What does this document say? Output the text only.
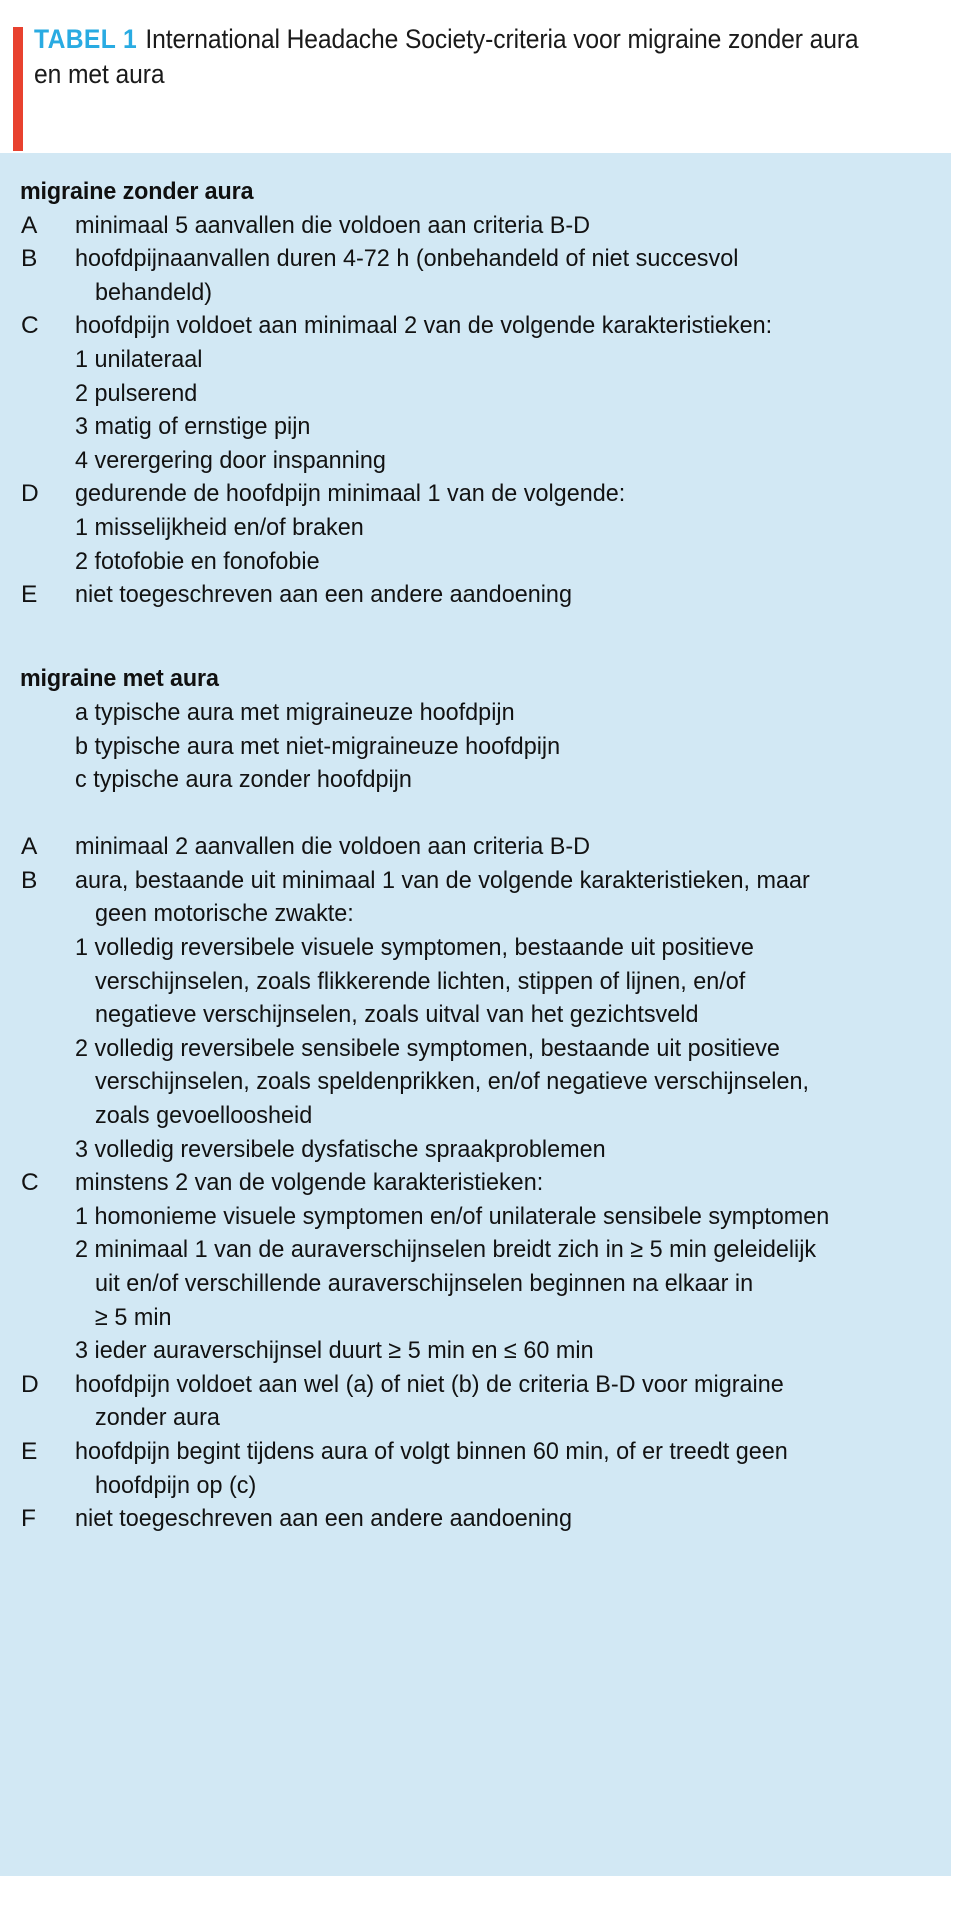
TABEL 1 International Headache Society-criteria voor migraine zonder aura en met aura
migraine zonder aura
A	minimaal 5 aanvallen die voldoen aan criteria B-D
B	hoofdpijnaanvallen duren 4-72 h (onbehandeld of niet succesvol
behandeld)
C	hoofdpijn voldoet aan minimaal 2 van de volgende karakteristieken:
1 unilateraal
2 pulserend
3 matig of ernstige pijn
4 verergering door inspanning
D	gedurende de hoofdpijn minimaal 1 van de volgende:
1 misselijkheid en/of braken
2 fotofobie en fonofobie
E	niet toegeschreven aan een andere aandoening
migraine met aura
a typische aura met migraineuze hoofdpijn
b typische aura met niet-migraineuze hoofdpijn
c typische aura zonder hoofdpijn
A	minimaal 2 aanvallen die voldoen aan criteria B-D
B	aura, bestaande uit minimaal 1 van de volgende karakteristieken, maar
geen motorische zwakte:
1 volledig reversibele visuele symptomen, bestaande uit positieve
verschijnselen, zoals flikkerende lichten, stippen of lijnen, en/of
negatieve verschijnselen, zoals uitval van het gezichtsveld
2 volledig reversibele sensibele symptomen, bestaande uit positieve
verschijnselen, zoals speldenprikken, en/of negatieve verschijnselen,
zoals gevoelloosheid
3 volledig reversibele dysfatische spraakproblemen
C	minstens 2 van de volgende karakteristieken:
1 homonieme visuele symptomen en/of unilaterale sensibele symptomen
2 minimaal 1 van de auraverschijnselen breidt zich in ≥ 5 min geleidelijk
uit en/of verschillende auraverschijnselen beginnen na elkaar in
≥ 5 min
3 ieder auraverschijnsel duurt ≥ 5 min en ≤ 60 min
D	hoofdpijn voldoet aan wel (a) of niet (b) de criteria B-D voor migraine
zonder aura
E	hoofdpijn begint tijdens aura of volgt binnen 60 min, of er treedt geen
hoofdpijn op (c)
F	niet toegeschreven aan een andere aandoening
